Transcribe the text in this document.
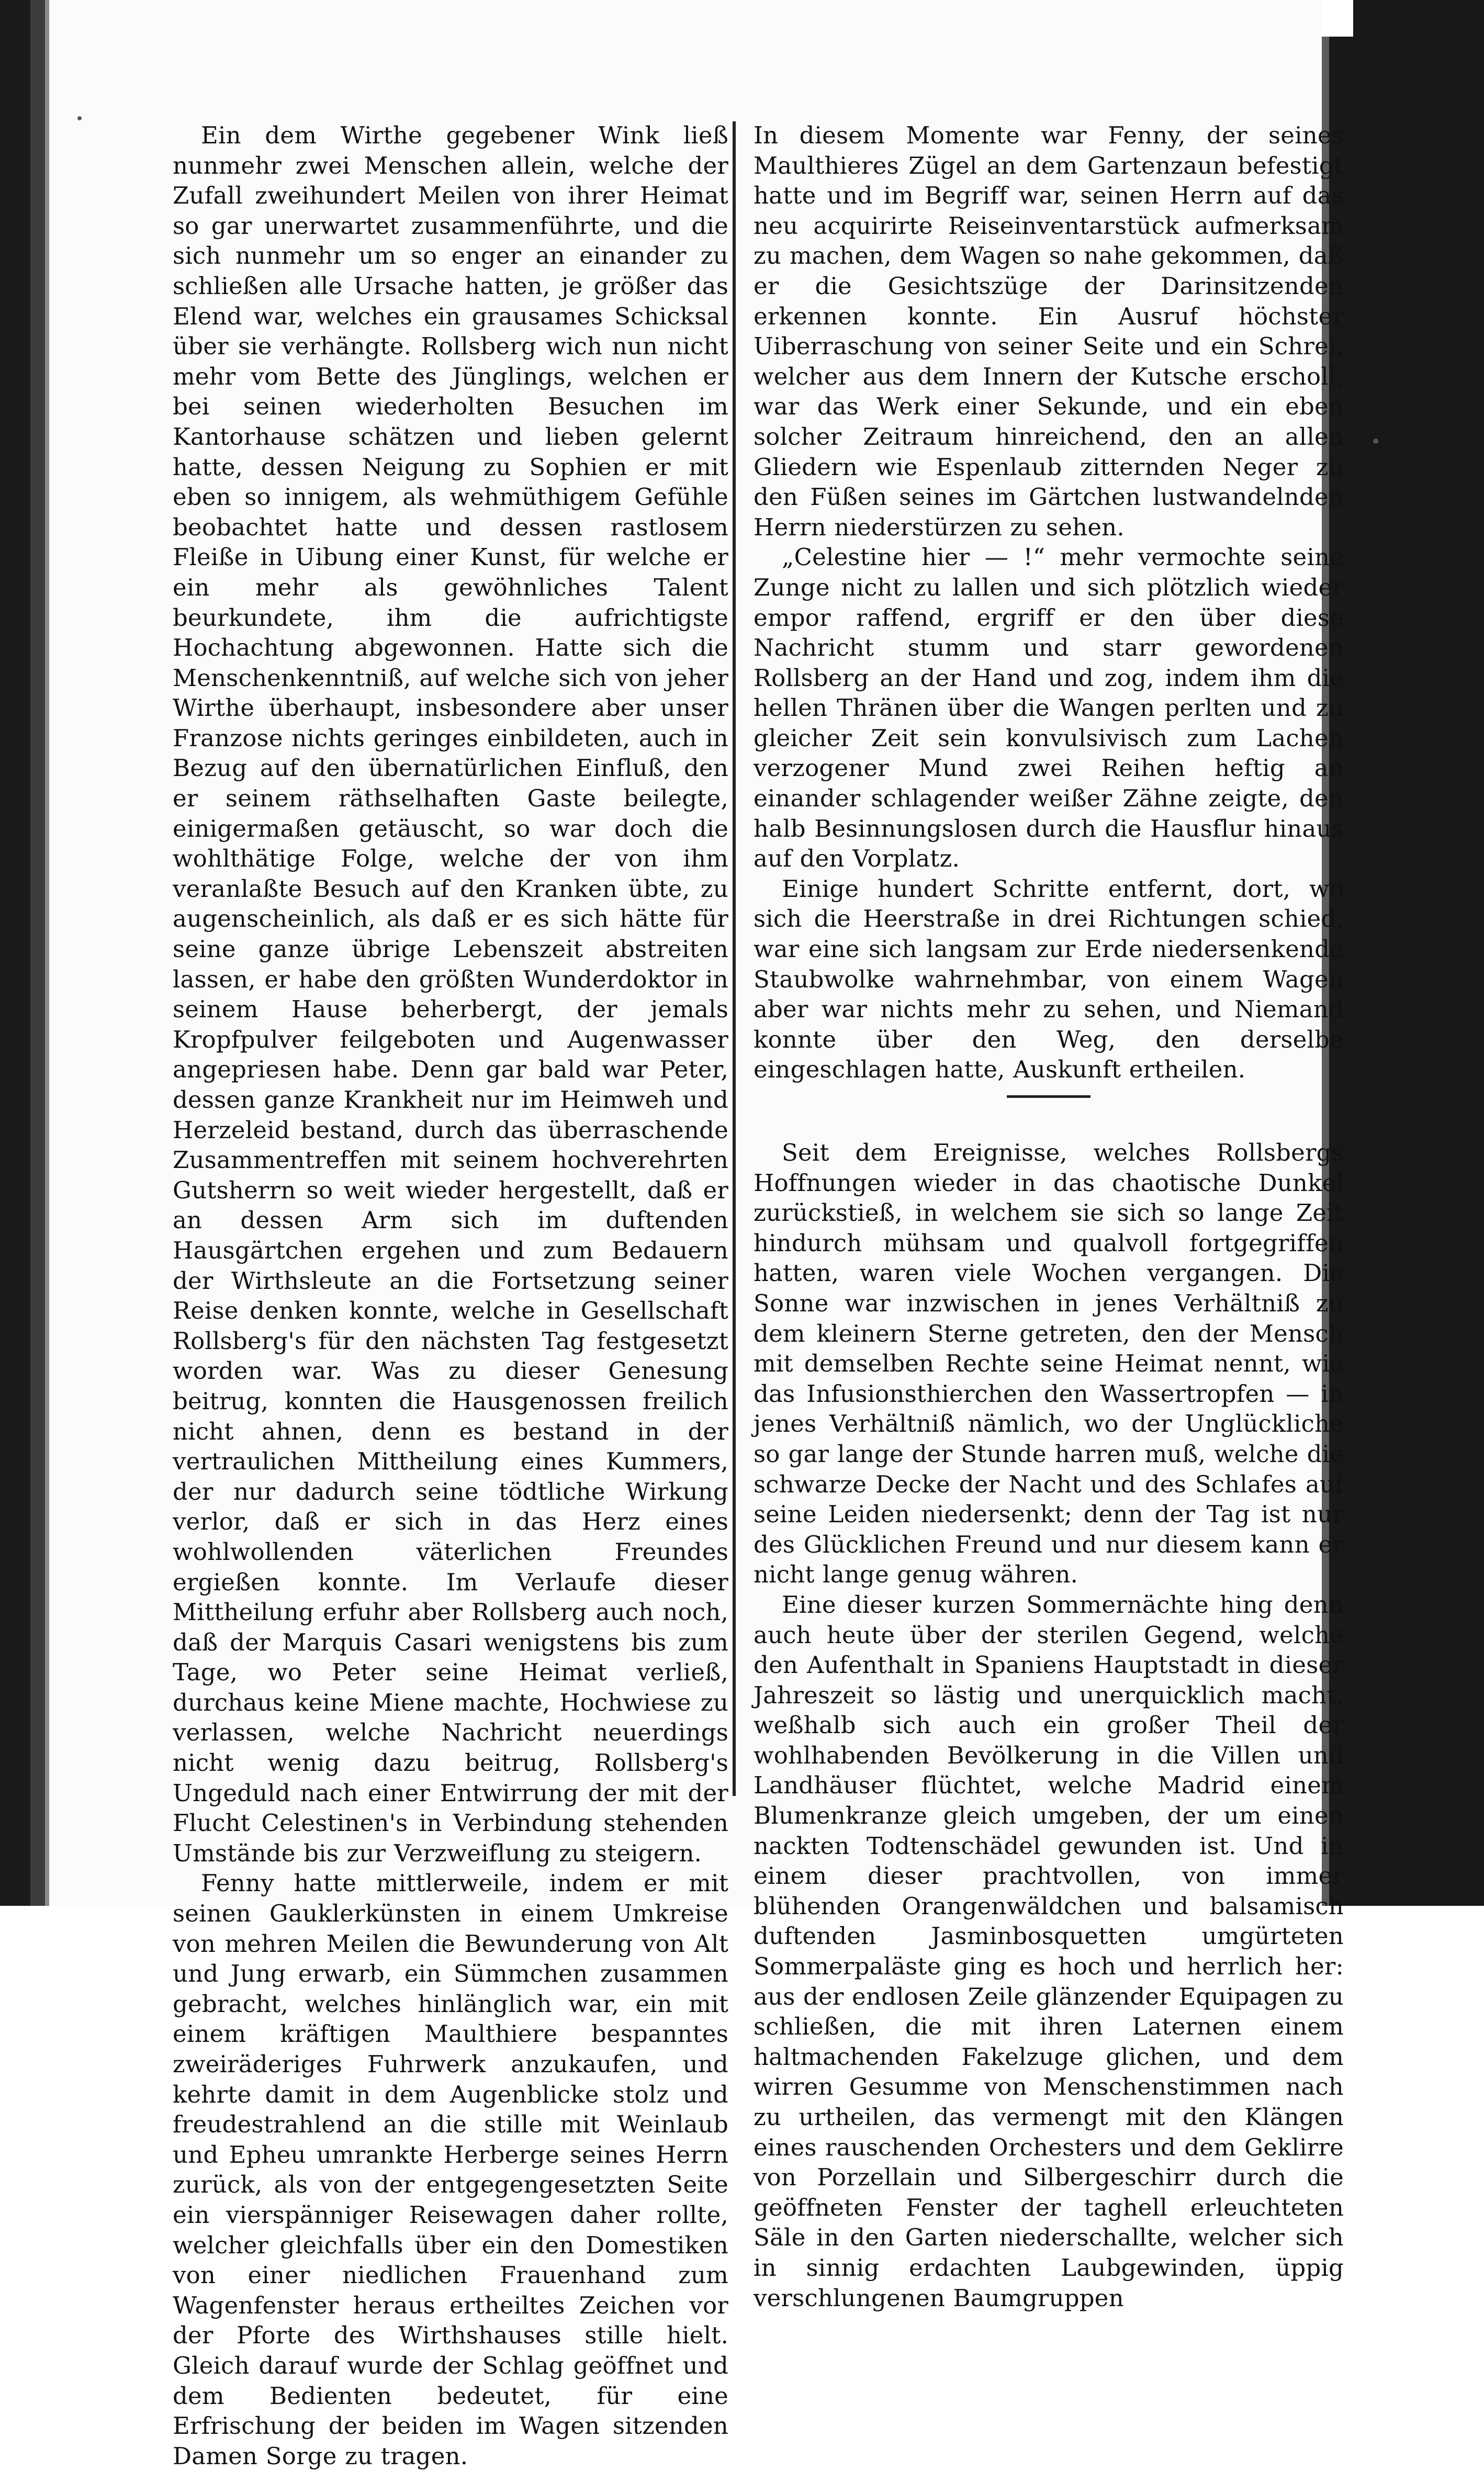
Ein dem Wirthe gegebener Wink ließ nunmehr zwei Menschen allein, welche der Zufall zweihundert Meilen von ihrer Heimat so gar unerwartet zusammenführte, und die sich nunmehr um so enger an einander zu schließen alle Ursache hatten, je größer das Elend war, welches ein grausames Schicksal über sie verhängte. Rollsberg wich nun nicht mehr vom Bette des Jünglings, welchen er bei seinen wiederholten Besuchen im Kantorhause schätzen und lieben gelernt hatte, dessen Neigung zu Sophien er mit eben so innigem, als wehmüthigem Gefühle beobachtet hatte und dessen rastlosem Fleiße in Uibung einer Kunst, für welche er ein mehr als gewöhnliches Talent beurkundete, ihm die aufrichtigste Hochachtung abgewonnen. Hatte sich die Menschenkenntniß, auf welche sich von jeher Wirthe überhaupt, insbesondere aber unser Franzose nichts geringes einbildeten, auch in Bezug auf den übernatürlichen Einfluß, den er seinem räthselhaften Gaste beilegte, einigermaßen getäuscht, so war doch die wohlthätige Folge, welche der von ihm veranlaßte Besuch auf den Kranken übte, zu augenscheinlich, als daß er es sich hätte für seine ganze übrige Lebenszeit abstreiten lassen, er habe den größten Wunderdoktor in seinem Hause beherbergt, der jemals Kropfpulver feilgeboten und Augenwasser angepriesen habe. Denn gar bald war Peter, dessen ganze Krankheit nur im Heimweh und Herzeleid bestand, durch das überraschende Zusammentreffen mit seinem hochverehrten Gutsherrn so weit wieder hergestellt, daß er an dessen Arm sich im duftenden Hausgärtchen ergehen und zum Bedauern der Wirthsleute an die Fortsetzung seiner Reise denken konnte, welche in Gesellschaft Rollsberg's für den nächsten Tag festgesetzt worden war. Was zu dieser Genesung beitrug, konnten die Hausgenossen freilich nicht ahnen, denn es bestand in der vertraulichen Mittheilung eines Kummers, der nur dadurch seine tödtliche Wirkung verlor, daß er sich in das Herz eines wohlwollenden väterlichen Freundes ergießen konnte. Im Verlaufe dieser Mittheilung erfuhr aber Rollsberg auch noch, daß der Marquis Casari wenigstens bis zum Tage, wo Peter seine Heimat verließ, durchaus keine Miene machte, Hochwiese zu verlassen, welche Nachricht neuerdings nicht wenig dazu beitrug, Rollsberg's Ungeduld nach einer Entwirrung der mit der Flucht Celestinen's in Verbindung stehenden Umstände bis zur Verzweiflung zu steigern.

Fenny hatte mittlerweile, indem er mit seinen Gauklerkünsten in einem Umkreise von mehren Meilen die Bewunderung von Alt und Jung erwarb, ein Sümmchen zusammen gebracht, welches hinlänglich war, ein mit einem kräftigen Maulthiere bespanntes zweiräderiges Fuhrwerk anzukaufen, und kehrte damit in dem Augenblicke stolz und freudestrahlend an die stille mit Weinlaub und Epheu umrankte Herberge seines Herrn zurück, als von der entgegengesetzten Seite ein vierspänniger Reisewagen daher rollte, welcher gleichfalls über ein den Domestiken von einer niedlichen Frauenhand zum Wagenfenster heraus ertheiltes Zeichen vor der Pforte des Wirthshauses stille hielt. Gleich darauf wurde der Schlag geöffnet und dem Bedienten bedeutet, für eine Erfrischung der beiden im Wagen sitzenden Damen Sorge zu tragen.

In diesem Momente war Fenny, der seines Maulthieres Zügel an dem Gartenzaun befestigt hatte und im Begriff war, seinen Herrn auf das neu acquirirte Reiseinventarstück aufmerksam zu machen, dem Wagen so nahe gekommen, daß er die Gesichtszüge der Darinsitzenden erkennen konnte. Ein Ausruf höchster Uiberraschung von seiner Seite und ein Schrei, welcher aus dem Innern der Kutsche erscholl, war das Werk einer Sekunde, und ein eben solcher Zeitraum hinreichend, den an allen Gliedern wie Espenlaub zitternden Neger zu den Füßen seines im Gärtchen lustwandelnden Herrn niederstürzen zu sehen.

„Celestine hier — !“ mehr vermochte seine Zunge nicht zu lallen und sich plötzlich wieder empor raffend, ergriff er den über diese Nachricht stumm und starr gewordenen Rollsberg an der Hand und zog, indem ihm die hellen Thränen über die Wangen perlten und zu gleicher Zeit sein konvulsivisch zum Lachen verzogener Mund zwei Reihen heftig an einander schlagender weißer Zähne zeigte, den halb Besinnungslosen durch die Hausflur hinaus auf den Vorplatz.

Einige hundert Schritte entfernt, dort, wo sich die Heerstraße in drei Richtungen schied, war eine sich langsam zur Erde niedersenkende Staubwolke wahrnehmbar, von einem Wagen aber war nichts mehr zu sehen, und Niemand konnte über den Weg, den derselbe eingeschlagen hatte, Auskunft ertheilen.

Seit dem Ereignisse, welches Rollsbergs Hoffnungen wieder in das chaotische Dunkel zurückstieß, in welchem sie sich so lange Zeit hindurch mühsam und qualvoll fortgegriffen hatten, waren viele Wochen vergangen. Die Sonne war inzwischen in jenes Verhältniß zu dem kleinern Sterne getreten, den der Mensch mit demselben Rechte seine Heimat nennt, wie das Infusionsthierchen den Wassertropfen — in jenes Verhältniß nämlich, wo der Unglückliche so gar lange der Stunde harren muß, welche die schwarze Decke der Nacht und des Schlafes auf seine Leiden niedersenkt; denn der Tag ist nur des Glücklichen Freund und nur diesem kann er nicht lange genug währen.

Eine dieser kurzen Sommernächte hing denn auch heute über der sterilen Gegend, welche den Aufenthalt in Spaniens Hauptstadt in dieser Jahreszeit so lästig und unerquicklich macht, weßhalb sich auch ein großer Theil der wohlhabenden Bevölkerung in die Villen und Landhäuser flüchtet, welche Madrid einem Blumenkranze gleich umgeben, der um einen nackten Todtenschädel gewunden ist. Und in einem dieser prachtvollen, von immer blühenden Orangenwäldchen und balsamisch duftenden Jasminbosquetten umgürteten Sommerpaläste ging es hoch und herrlich her: aus der endlosen Zeile glänzender Equipagen zu schließen, die mit ihren Laternen einem haltmachenden Fakelzuge glichen, und dem wirren Gesumme von Menschenstimmen nach zu urtheilen, das vermengt mit den Klängen eines rauschenden Orchesters und dem Geklirre von Porzellain und Silbergeschirr durch die geöffneten Fenster der taghell erleuchteten Säle in den Garten niederschallte, welcher sich in sinnig erdachten Laubgewinden, üppig verschlungenen Baumgruppen
